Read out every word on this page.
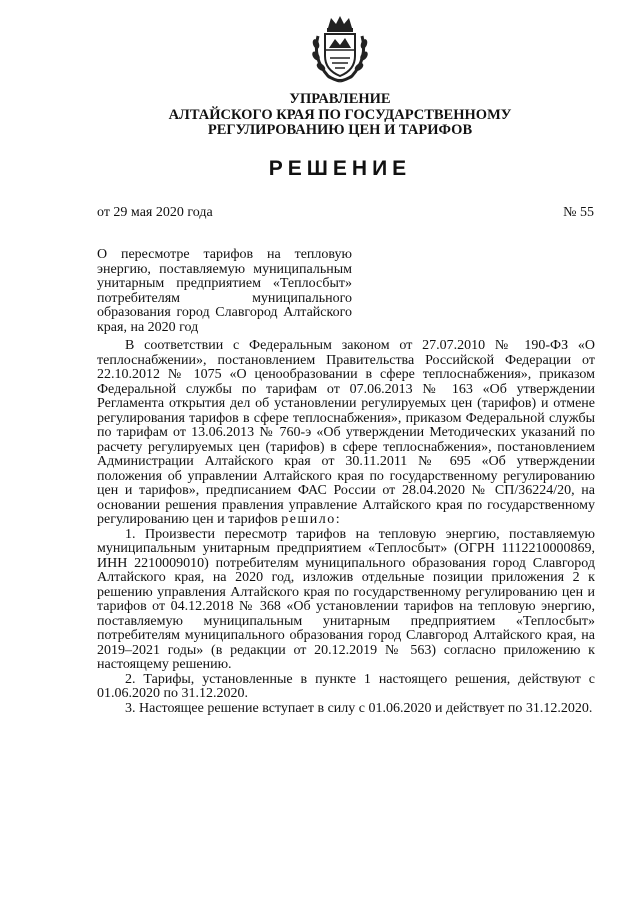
УПРАВЛЕНИЕ
АЛТАЙСКОГО КРАЯ ПО ГОСУДАРСТВЕННОМУ
РЕГУЛИРОВАНИЮ ЦЕН И ТАРИФОВ
РЕШЕНИЕ
от 29 мая 2020 года	№ 55
О пересмотре тарифов на тепловую энергию, поставляемую муниципальным унитарным предприятием «Теплосбыт» потребителям муниципального образования город Славгород Алтайского края, на 2020 год

В соответствии с Федеральным законом от 27.07.2010 № 190-ФЗ «О теплоснабжении», постановлением Правительства Российской Федерации от 22.10.2012 № 1075 «О ценообразовании в сфере теплоснабжения», приказом Федеральной службы по тарифам от 07.06.2013 № 163 «Об утверждении Регламента открытия дел об установлении регулируемых цен (тарифов) и отмене регулирования тарифов в сфере теплоснабжения», приказом Федеральной службы по тарифам от 13.06.2013 № 760-э «Об утверждении Методических указаний по расчету регулируемых цен (тарифов) в сфере теплоснабжения», постановлением Администрации Алтайского края от 30.11.2011 № 695 «Об утверждении положения об управлении Алтайского края по государственному регулированию цен и тарифов», предписанием ФАС России от 28.04.2020 № СП/36224/20, на основании решения правления управление Алтайского края по государственному регулированию цен и тарифов решило:

1. Произвести пересмотр тарифов на тепловую энергию, поставляемую муниципальным унитарным предприятием «Теплосбыт» (ОГРН 1112210000869, ИНН 2210009010) потребителям муниципального образования город Славгород Алтайского края, на 2020 год, изложив отдельные позиции приложения 2 к решению управления Алтайского края по государственному регулированию цен и тарифов от 04.12.2018 № 368 «Об установлении тарифов на тепловую энергию, поставляемую муниципальным унитарным предприятием «Теплосбыт» потребителям муниципального образования город Славгород Алтайского края, на 2019–2021 годы» (в редакции от 20.12.2019 № 563) согласно приложению к настоящему решению.

2. Тарифы, установленные в пункте 1 настоящего решения, действуют с 01.06.2020 по 31.12.2020.

3. Настоящее решение вступает в силу с 01.06.2020 и действует по 31.12.2020.
